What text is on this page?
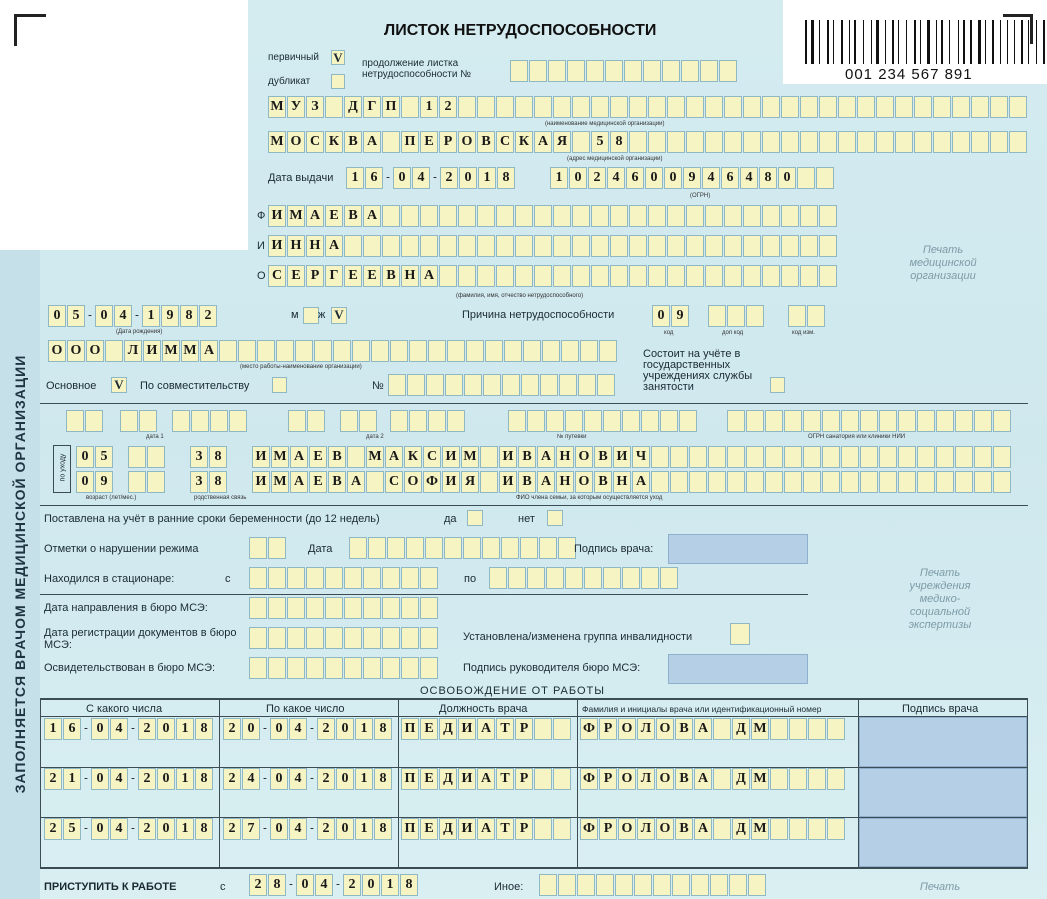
ЛИСТОК НЕТРУДОСПОСОБНОСТИ
001 234 567 891
первичный V
дубликат
продолжение листка нетрудоспособности №
М У З	Д Г П	1 2
(наименование медицинской организации)
М О С К В А П Е Р О В С К А Я	5 8
(адрес медицинской организации)
Дата выдачи	1 6 - 0 4 - 2 0 1 8	1 0 2 4 6 0 0 9 4 6 4 8 0
(ОГРН)
Ф И М А Е В А
И И Н Н А
О С Е Р Г Е Е В Н А
(фамилия, имя, отчество нетрудоспособного)
Печать медицинской организации
0 5 - 0 4 - 1 9 8 2
(Дата рождения)
м ж V	Причина нетрудоспособности	0 9
код	доп код	код изм.
О О О Л И М М А
(место работы-наименование организации)
Состоит на учёте в государственных учреждениях службы занятости
Основное V	По совместительству	№
дата 1	дата 2	№ путевки	ОГРН санатория или клиники НИИ
по уходу	0 5	3 8	И М А Е В	М А К С И М И В А Н О В И Ч
0 9	3 8	И М А Е В А С О Ф И Я И В А Н О В Н А
возраст (лет/мес.)	родственная связь	ФИО члена семьи, за которым осуществляется уход
Поставлена на учёт в ранние сроки беременности (до 12 недель)	да	нет
Отметки о нарушении режима	Дата	Подпись врача:
Находился в стационаре:	с	по	Печать учреждения медико-социальной экспертизы
Дата направления в бюро МСЭ:
Дата регистрации документов в бюро МСЭ:
Установлена/изменена группа инвалидности
Освидетельствован в бюро МСЭ:	Подпись руководителя бюро МСЭ:
ОСВОБОЖДЕНИЕ ОТ РАБОТЫ
С какого числа	По какое число	Должность врача	Фамилия и инициалы врача или идентификационный номер	Подпись врача
1 6 - 0 4 - 2 0 1 8	2 0 - 0 4 - 2 0 1 8	П Е Д И А Т Р	Ф Р О Л О В А Д М
2 1 - 0 4 - 2 0 1 8	2 4 - 0 4 - 2 0 1 8	П Е Д И А Т Р	Ф Р О Л О В А Д М
2 5 - 0 4 - 2 0 1 8	2 7 - 0 4 - 2 0 1 8	П Е Д И А Т Р	Ф Р О Л О В А Д М
ПРИСТУПИТЬ К РАБОТЕ	с	2 8 - 0 4 - 2 0 1 8	Иное:	Печать
ЗАПОЛНЯЕТСЯ ВРАЧОМ МЕДИЦИНСКОЙ ОРГАНИЗАЦИИ
